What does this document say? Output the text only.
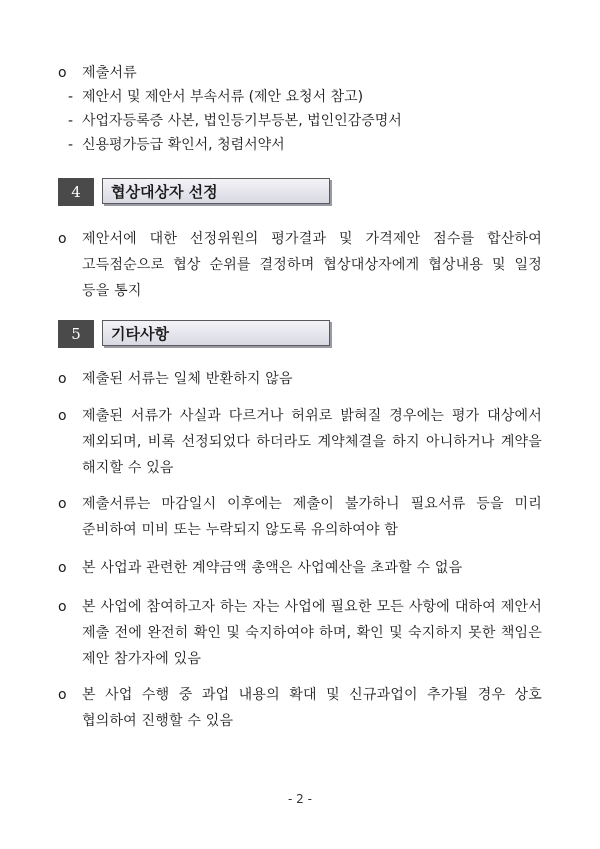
o	제출서류
- 제안서 및 제안서 부속서류 (제안 요청서 참고)
- 사업자등록증 사본, 법인등기부등본, 법인인감증명서
- 신용평가등급 확인서, 청렴서약서
4	협상대상자 선정
o	제안서에 대한 선정위원의 평가결과 및 가격제안 점수를 합산하여 고득점순으로 협상 순위를 결정하며 협상대상자에게 협상내용 및 일정 등을 통지
5	기타사항
o	제출된 서류는 일체 반환하지 않음
o	제출된 서류가 사실과 다르거나 허위로 밝혀질 경우에는 평가 대상에서 제외되며, 비록 선정되었다 하더라도 계약체결을 하지 아니하거나 계약을 해지할 수 있음
o	제출서류는 마감일시 이후에는 제출이 불가하니 필요서류 등을 미리 준비하여 미비 또는 누락되지 않도록 유의하여야 함
o	본 사업과 관련한 계약금액 총액은 사업예산을 초과할 수 없음
o	본 사업에 참여하고자 하는 자는 사업에 필요한 모든 사항에 대하여 제안서 제출 전에 완전히 확인 및 숙지하여야 하며, 확인 및 숙지하지 못한 책임은 제안 참가자에 있음
o	본 사업 수행 중 과업 내용의 확대 및 신규과업이 추가될 경우 상호 협의하여 진행할 수 있음
- 2 -
